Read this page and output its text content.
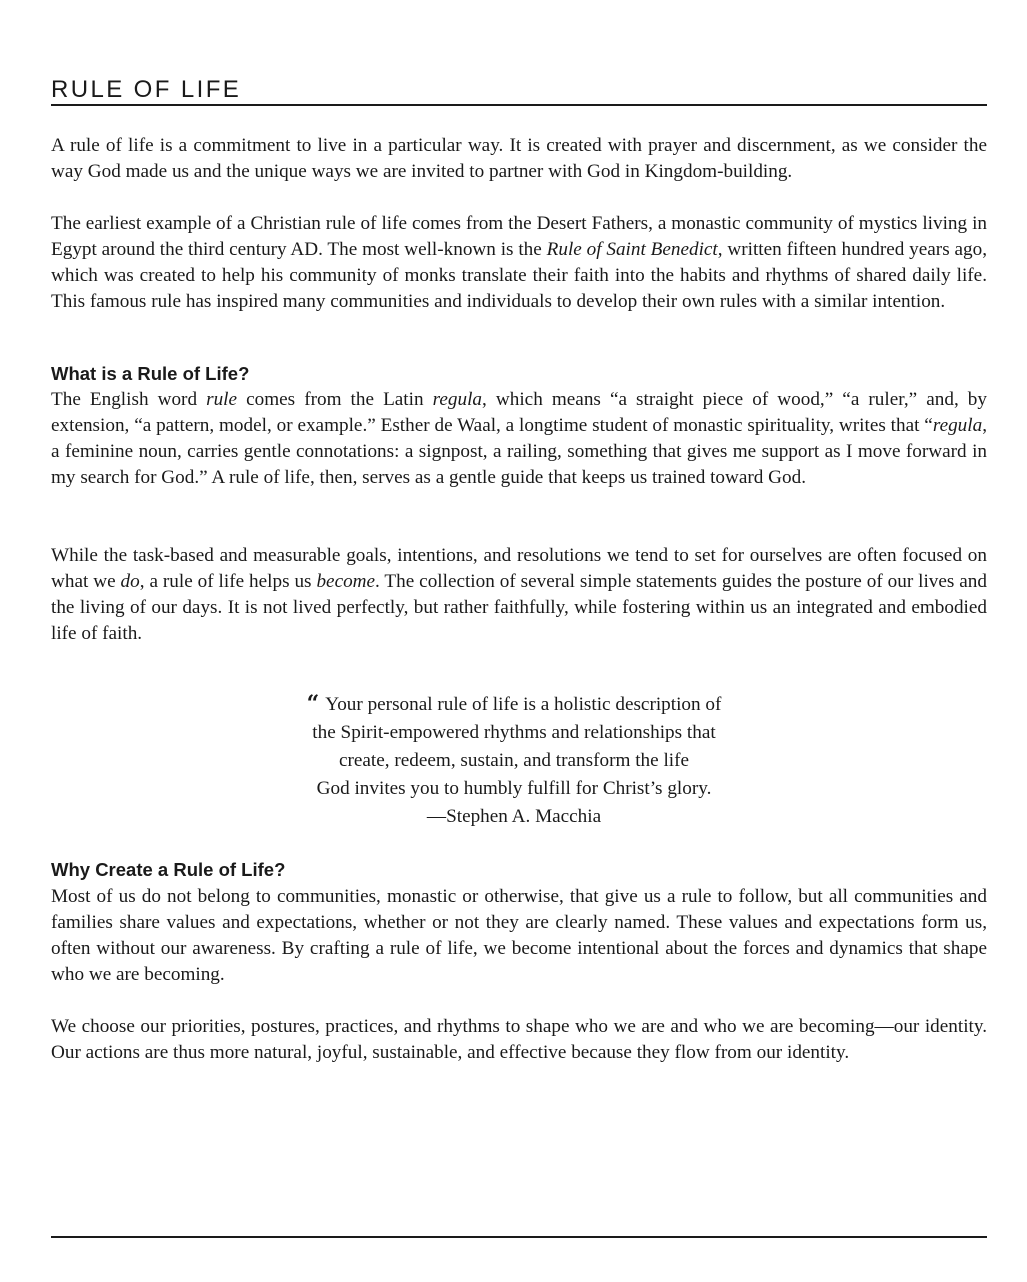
RULE OF LIFE

A rule of life is a commitment to live in a particular way. It is created with prayer and discernment, as we consider the way God made us and the unique ways we are invited to partner with God in Kingdom-building.

The earliest example of a Christian rule of life comes from the Desert Fathers, a monastic community of mystics living in Egypt around the third century AD. The most well-known is the Rule of Saint Benedict, written fifteen hundred years ago, which was created to help his community of monks translate their faith into the habits and rhythms of shared daily life. This famous rule has inspired many communities and individuals to develop their own rules with a similar intention.

What is a Rule of Life?

The English word rule comes from the Latin regula, which means “a straight piece of wood,” “a ruler,” and, by extension, “a pattern, model, or example.” Esther de Waal, a longtime student of monastic spirituality, writes that “regula, a feminine noun, carries gentle connotations: a signpost, a railing, something that gives me support as I move forward in my search for God.” A rule of life, then, serves as a gentle guide that keeps us trained toward God.

While the task-based and measurable goals, intentions, and resolutions we tend to set for ourselves are often focused on what we do, a rule of life helps us become. The collection of several simple statements guides the posture of our lives and the living of our days. It is not lived perfectly, but rather faithfully, while fostering within us an integrated and embodied life of faith.

“ Your personal rule of life is a holistic description of
the Spirit-empowered rhythms and relationships that
create, redeem, sustain, and transform the life
God invites you to humbly fulfill for Christ’s glory.
—Stephen A. Macchia
Why Create a Rule of Life?

Most of us do not belong to communities, monastic or otherwise, that give us a rule to follow, but all communities and families share values and expectations, whether or not they are clearly named. These values and expectations form us, often without our awareness. By crafting a rule of life, we become intentional about the forces and dynamics that shape who we are becoming.

We choose our priorities, postures, practices, and rhythms to shape who we are and who we are becoming—our identity. Our actions are thus more natural, joyful, sustainable, and effective because they flow from our identity.
